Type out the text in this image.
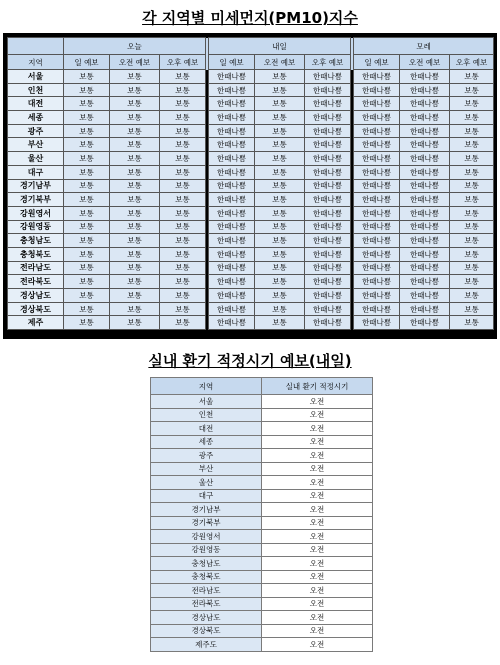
각 지역별 미세먼지(PM10)지수
	오늘				내일				모레		
지역	일 예보	오전 예보	오후 예보		일 예보	오전 예보	오후 예보		일 예보	오전 예보	오후 예보
서울	보통	보통	보통		한때나쁨	보통	한때나쁨		한때나쁨	한때나쁨	보통
인천	보통	보통	보통		한때나쁨	보통	한때나쁨		한때나쁨	한때나쁨	보통
대전	보통	보통	보통		한때나쁨	보통	한때나쁨		한때나쁨	한때나쁨	보통
세종	보통	보통	보통		한때나쁨	보통	한때나쁨		한때나쁨	한때나쁨	보통
광주	보통	보통	보통		한때나쁨	보통	한때나쁨		한때나쁨	한때나쁨	보통
부산	보통	보통	보통		한때나쁨	보통	한때나쁨		한때나쁨	한때나쁨	보통
울산	보통	보통	보통		한때나쁨	보통	한때나쁨		한때나쁨	한때나쁨	보통
대구	보통	보통	보통		한때나쁨	보통	한때나쁨		한때나쁨	한때나쁨	보통
경기남부	보통	보통	보통		한때나쁨	보통	한때나쁨		한때나쁨	한때나쁨	보통
경기북부	보통	보통	보통		한때나쁨	보통	한때나쁨		한때나쁨	한때나쁨	보통
강원영서	보통	보통	보통		한때나쁨	보통	한때나쁨		한때나쁨	한때나쁨	보통
강원영동	보통	보통	보통		한때나쁨	보통	한때나쁨		한때나쁨	한때나쁨	보통
충청남도	보통	보통	보통		한때나쁨	보통	한때나쁨		한때나쁨	한때나쁨	보통
충청북도	보통	보통	보통		한때나쁨	보통	한때나쁨		한때나쁨	한때나쁨	보통
전라남도	보통	보통	보통		한때나쁨	보통	한때나쁨		한때나쁨	한때나쁨	보통
전라북도	보통	보통	보통		한때나쁨	보통	한때나쁨		한때나쁨	한때나쁨	보통
경상남도	보통	보통	보통		한때나쁨	보통	한때나쁨		한때나쁨	한때나쁨	보통
경상북도	보통	보통	보통		한때나쁨	보통	한때나쁨		한때나쁨	한때나쁨	보통
제주	보통	보통	보통		한때나쁨	보통	한때나쁨		한때나쁨	한때나쁨	보통
실내 환기 적정시기 예보(내일)
지역	실내 환기 적정시기
서울	오전
인천	오전
대전	오전
세종	오전
광주	오전
부산	오전
울산	오전
대구	오전
경기남부	오전
경기북부	오전
강원영서	오전
강원영동	오전
충청남도	오전
충청북도	오전
전라남도	오전
전라북도	오전
경상남도	오전
경상북도	오전
제주도	오전
